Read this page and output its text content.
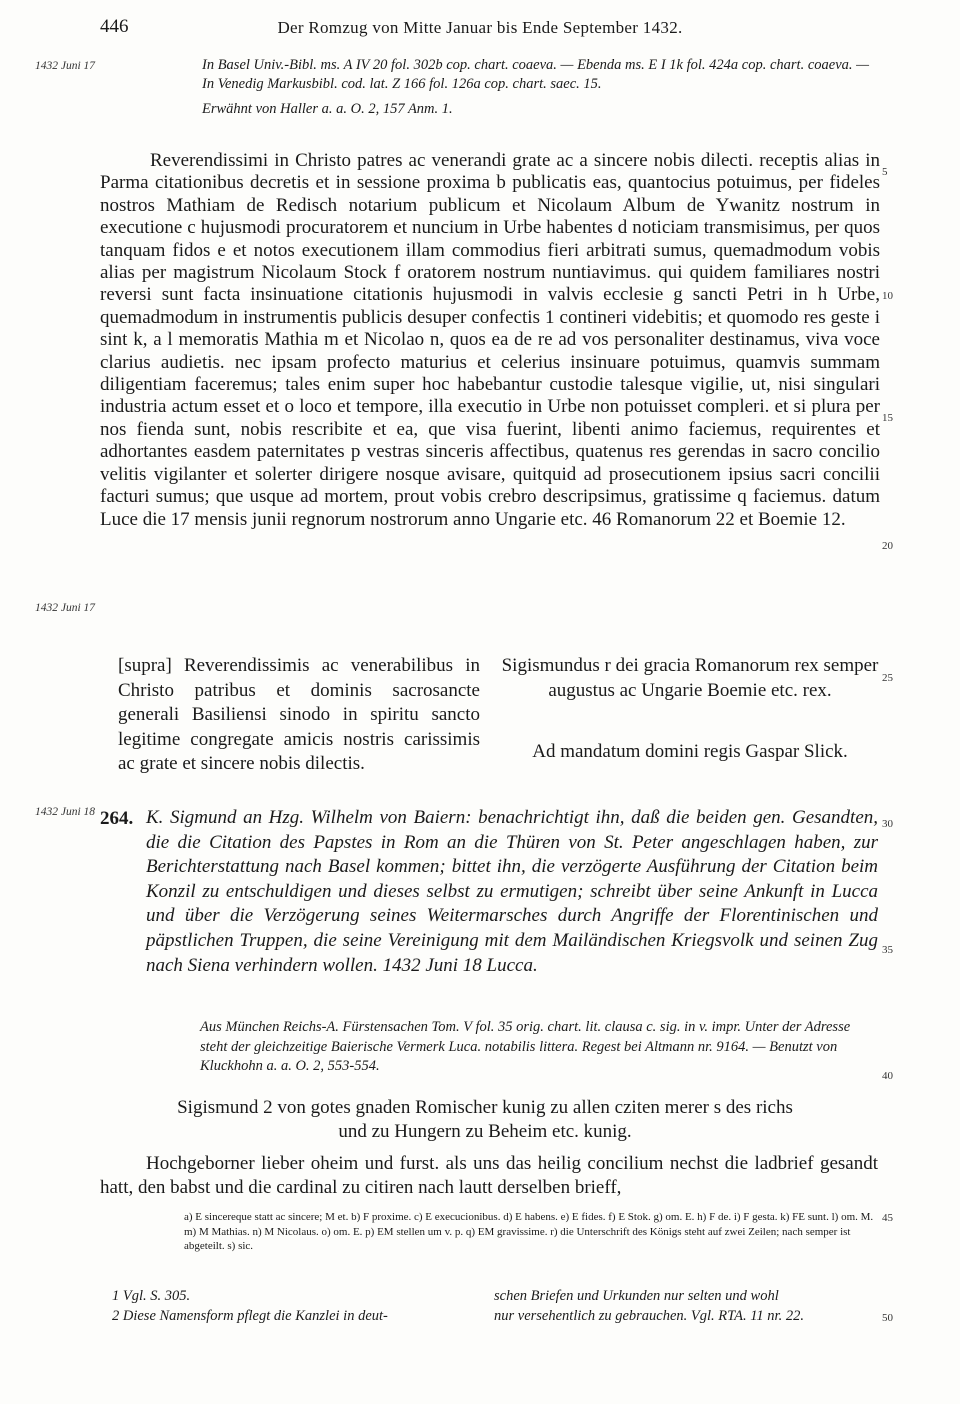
446	Der Romzug von Mitte Januar bis Ende September 1432.
1432 Juni 17
1432 Juni 17
1432 Juni 18
5
10
15
20
25
30
35
40
45
50

In Basel Univ.-Bibl. ms. A IV 20 fol. 302b cop. chart. coaeva. — Ebenda ms. E I 1k fol. 424a cop. chart. coaeva. — In Venedig Markusbibl. cod. lat. Z 166 fol. 126a cop. chart. saec. 15.

Erwähnt von Haller a. a. O. 2, 157 Anm. 1.

Reverendissimi in Christo patres ac venerandi grate ac a sincere nobis dilecti. receptis alias in Parma citationibus decretis et in sessione proxima b publicatis eas, quantocius potuimus, per fideles nostros Mathiam de Redisch notarium publicum et Nicolaum Album de Ywanitz nostrum in executione c hujusmodi procuratorem et nuncium in Urbe habentes d noticiam transmisimus, per quos tanquam fidos e et notos executionem illam commodius fieri arbitrati sumus, quemadmodum vobis alias per magistrum Nicolaum Stock f oratorem nostrum nuntiavimus. qui quidem familiares nostri reversi sunt facta insinuatione citationis hujusmodi in valvis ecclesie g sancti Petri in h Urbe, quemadmodum in instrumentis publicis desuper confectis 1 contineri videbitis; et quomodo res geste i sint k, a l memoratis Mathia m et Nicolao n, quos ea de re ad vos personaliter destinamus, viva voce clarius audietis. nec ipsam profecto maturius et celerius insinuare potuimus, quamvis summam diligentiam faceremus; tales enim super hoc habebantur custodie talesque vigilie, ut, nisi singulari industria actum esset et o loco et tempore, illa executio in Urbe non potuisset compleri. et si plura per nos fienda sunt, nobis rescribite et ea, que visa fuerint, libenti animo faciemus, requirentes et adhortantes easdem paternitates p vestras sinceris affectibus, quatenus res gerendas in sacro concilio velitis vigilanter et solerter dirigere nosque avisare, quitquid ad prosecutionem ipsius sacri concilii facturi sumus; que usque ad mortem, prout vobis crebro descripsimus, gratissime q faciemus. datum Luce die 17 mensis junii regnorum nostrorum anno Ungarie etc. 46 Romanorum 22 et Boemie 12.

[supra] Reverendissimis ac venerabilibus in Christo patribus et dominis sacrosancte generali Basiliensi sinodo in spiritu sancto legitime congregate amicis nostris carissimis ac grate et sincere nobis dilectis.

Sigismundus r dei gracia Romanorum rex semper augustus ac Ungarie Boemie etc. rex.

Ad mandatum domini regis Gaspar Slick.

264. K. Sigmund an Hzg. Wilhelm von Baiern: benachrichtigt ihn, daß die beiden gen. Gesandten, die die Citation des Papstes in Rom an die Thüren von St. Peter angeschlagen haben, zur Berichterstattung nach Basel kommen; bittet ihn, die verzögerte Ausführung der Citation beim Konzil zu entschuldigen und dieses selbst zu ermutigen; schreibt über seine Ankunft in Lucca und über die Verzögerung seines Weitermarsches durch Angriffe der Florentinischen und päpstlichen Truppen, die seine Vereinigung mit dem Mailändischen Kriegsvolk und seinen Zug nach Siena verhindern wollen. 1432 Juni 18 Lucca.

Aus München Reichs-A. Fürstensachen Tom. V fol. 35 orig. chart. lit. clausa c. sig. in v. impr. Unter der Adresse steht der gleichzeitige Baierische Vermerk Luca. notabilis littera. Regest bei Altmann nr. 9164. — Benutzt von Kluckhohn a. a. O. 2, 553-554.

Sigismund 2 von gotes gnaden Romischer kunig zu allen cziten merer s des richs und zu Hungern zu Beheim etc. kunig.

Hochgeborner lieber oheim und furst. als uns das heilig concilium nechst die ladbrief gesandt hatt, den babst und die cardinal zu citiren nach lautt derselben brieff,

a) E sincereque statt ac sincere; M et. b) F proxime. c) E execucionibus. d) E habens. e) E fides. f) E Stok. g) om. E. h) F de. i) F gesta. k) FE sunt. l) om. M. m) M Mathias. n) M Nicolaus. o) om. E. p) EM stellen um v. p. q) EM gravissime. r) die Unterschrift des Königs steht auf zwei Zeilen; nach semper ist abgeteilt. s) sic.

1 Vgl. S. 305.
2 Diese Namensform pflegt die Kanzlei in deut-
schen Briefen und Urkunden nur selten und wohl
nur versehentlich zu gebrauchen. Vgl. RTA. 11 nr. 22.
